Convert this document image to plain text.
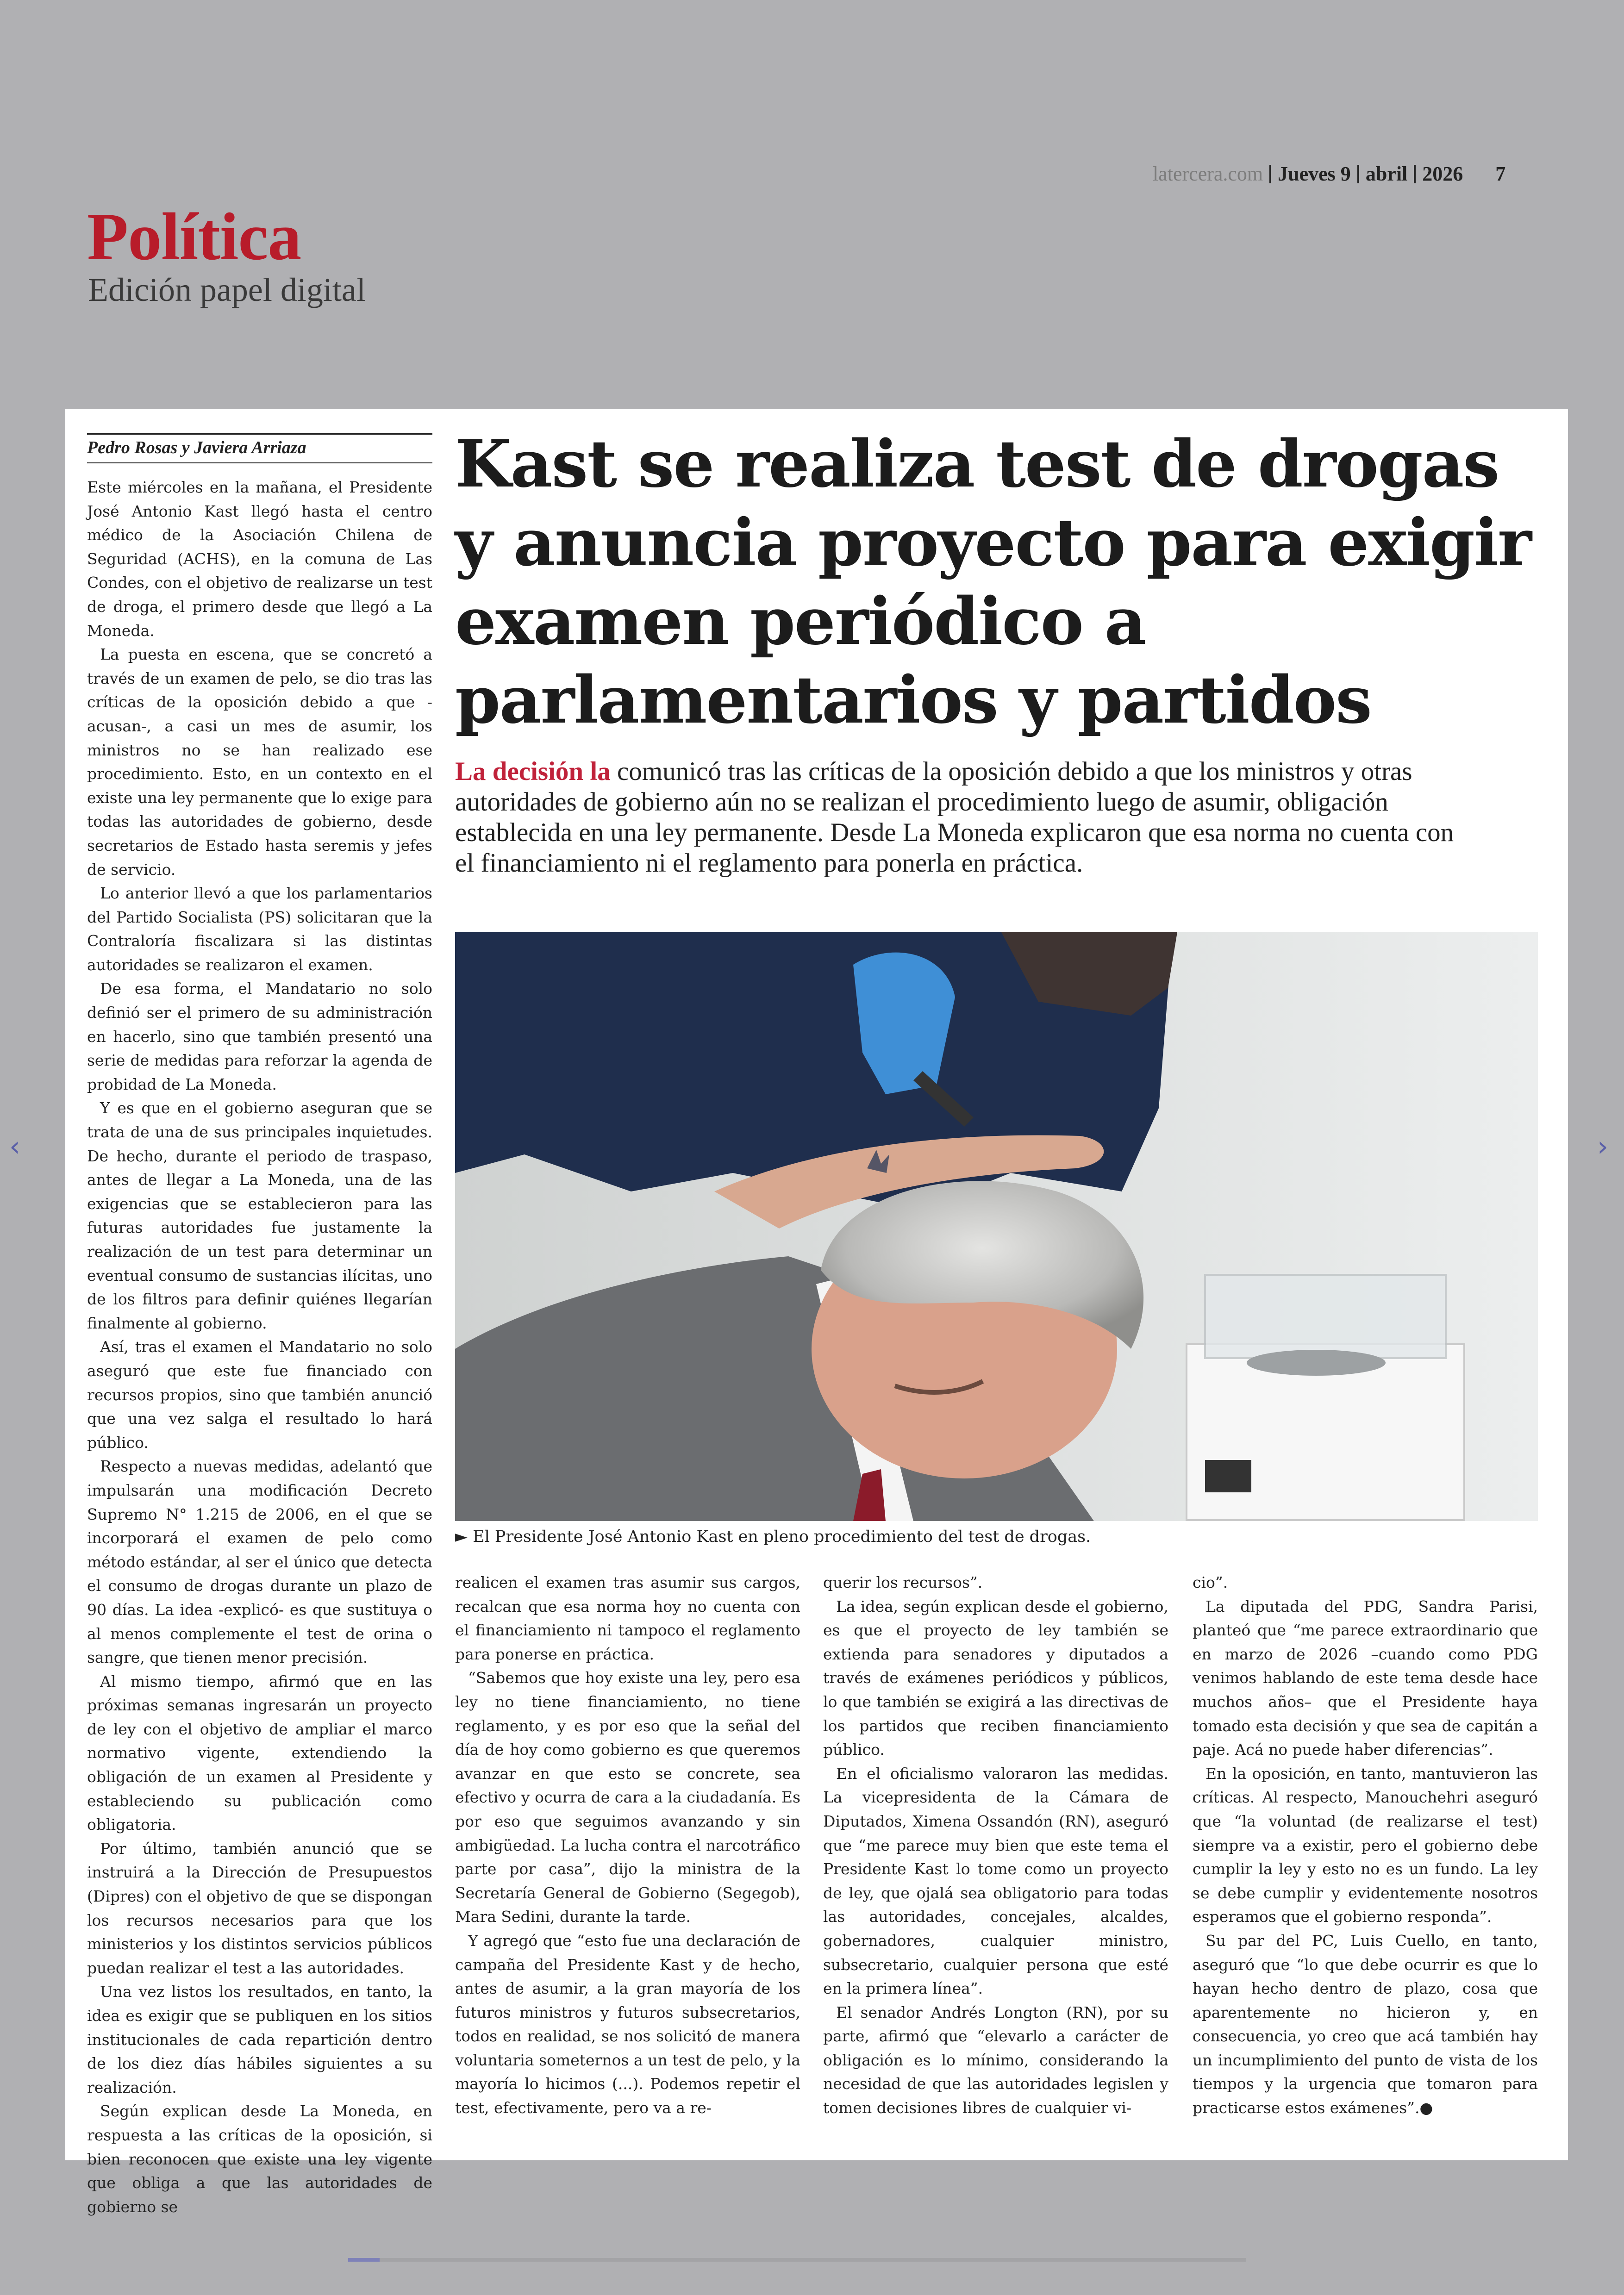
latercera.com Jueves 9 abril 2026 7
Política
Edición papel digital
‹	›
Pedro Rosas y Javiera Arriaza

Este miércoles en la mañana, el Presidente José Antonio Kast llegó hasta el centro médico de la Asociación Chilena de Seguridad (ACHS), en la comuna de Las Condes, con el objetivo de realizarse un test de droga, el primero desde que llegó a La Moneda.

La puesta en escena, que se concretó a través de un examen de pelo, se dio tras las críticas de la oposición debido a que -acusan-, a casi un mes de asumir, los ministros no se han realizado ese procedimiento. Esto, en un contexto en el existe una ley permanente que lo exige para todas las autoridades de gobierno, desde secretarios de Estado hasta seremis y jefes de servicio.

Lo anterior llevó a que los parlamentarios del Partido Socialista (PS) solicitaran que la Contraloría fiscalizara si las distintas autoridades se realizaron el examen.

De esa forma, el Mandatario no solo definió ser el primero de su administración en hacerlo, sino que también presentó una serie de medidas para reforzar la agenda de probidad de La Moneda.

Y es que en el gobierno aseguran que se trata de una de sus principales inquietudes. De hecho, durante el periodo de traspaso, antes de llegar a La Moneda, una de las exigencias que se establecieron para las futuras autoridades fue justamente la realización de un test para determinar un eventual consumo de sustancias ilícitas, uno de los filtros para definir quiénes llegarían finalmente al gobierno.

Así, tras el examen el Mandatario no solo aseguró que este fue financiado con recursos propios, sino que también anunció que una vez salga el resultado lo hará público.

Respecto a nuevas medidas, adelantó que impulsarán una modificación Decreto Supremo N° 1.215 de 2006, en el que se incorporará el examen de pelo como método estándar, al ser el único que detecta el consumo de drogas durante un plazo de 90 días. La idea -explicó- es que sustituya o al menos complemente el test de orina o sangre, que tienen menor precisión.

Al mismo tiempo, afirmó que en las próximas semanas ingresarán un proyecto de ley con el objetivo de ampliar el marco normativo vigente, extendiendo la obligación de un examen al Presidente y estableciendo su publicación como obligatoria.

Por último, también anunció que se instruirá a la Dirección de Presupuestos (Dipres) con el objetivo de que se dispongan los recursos necesarios para que los ministerios y los distintos servicios públicos puedan realizar el test a las autoridades.

Una vez listos los resultados, en tanto, la idea es exigir que se publiquen en los sitios institucionales de cada repartición dentro de los diez días hábiles siguientes a su realización.

Según explican desde La Moneda, en respuesta a las críticas de la oposición, si bien reconocen que existe una ley vigente que obliga a que las autoridades de gobierno se

Kast se realiza test de drogas y anuncia proyecto para exigir examen periódico a parlamentarios y partidos

La decisión la comunicó tras las críticas de la oposición debido a que los ministros y otras autoridades de gobierno aún no se realizan el procedimiento luego de asumir, obligación establecida en una ley permanente. Desde La Moneda explicaron que esa norma no cuenta con el financiamiento ni el reglamento para ponerla en práctica.

► El Presidente José Antonio Kast en pleno procedimiento del test de drogas.

realicen el examen tras asumir sus cargos, recalcan que esa norma hoy no cuenta con el financiamiento ni tampoco el reglamento para ponerse en práctica.

“Sabemos que hoy existe una ley, pero esa ley no tiene financiamiento, no tiene reglamento, y es por eso que la señal del día de hoy como gobierno es que queremos avanzar en que esto se concrete, sea efectivo y ocurra de cara a la ciudadanía. Es por eso que seguimos avanzando y sin ambigüedad. La lucha contra el narcotráfico parte por casa”, dijo la ministra de la Secretaría General de Gobierno (Segegob), Mara Sedini, durante la tarde.

Y agregó que “esto fue una declaración de campaña del Presidente Kast y de hecho, antes de asumir, a la gran mayoría de los futuros ministros y futuros subsecretarios, todos en realidad, se nos solicitó de manera voluntaria someternos a un test de pelo, y la mayoría lo hicimos (...). Podemos repetir el test, efectivamente, pero va a re-

querir los recursos”.

La idea, según explican desde el gobierno, es que el proyecto de ley también se extienda para senadores y diputados a través de exámenes periódicos y públicos, lo que también se exigirá a las directivas de los partidos que reciben financiamiento público.

En el oficialismo valoraron las medidas. La vicepresidenta de la Cámara de Diputados, Ximena Ossandón (RN), aseguró que “me parece muy bien que este tema el Presidente Kast lo tome como un proyecto de ley, que ojalá sea obligatorio para todas las autoridades, concejales, alcaldes, gobernadores, cualquier ministro, subsecretario, cualquier persona que esté en la primera línea”.

El senador Andrés Longton (RN), por su parte, afirmó que “elevarlo a carácter de obligación es lo mínimo, considerando la necesidad de que las autoridades legislen y tomen decisiones libres de cualquier vi-

cio”.

La diputada del PDG, Sandra Parisi, planteó que “me parece extraordinario que en marzo de 2026 –cuando como PDG venimos hablando de este tema desde hace muchos años– que el Presidente haya tomado esta decisión y que sea de capitán a paje. Acá no puede haber diferencias”.

En la oposición, en tanto, mantuvieron las críticas. Al respecto, Manouchehri aseguró que “la voluntad (de realizarse el test) siempre va a existir, pero el gobierno debe cumplir la ley y esto no es un fundo. La ley se debe cumplir y evidentemente nosotros esperamos que el gobierno responda”.

Su par del PC, Luis Cuello, en tanto, aseguró que “lo que debe ocurrir es que lo hayan hecho dentro de plazo, cosa que aparentemente no hicieron y, en consecuencia, yo creo que acá también hay un incumplimiento del punto de vista de los tiempos y la urgencia que tomaron para practicarse estos exámenes”.●
